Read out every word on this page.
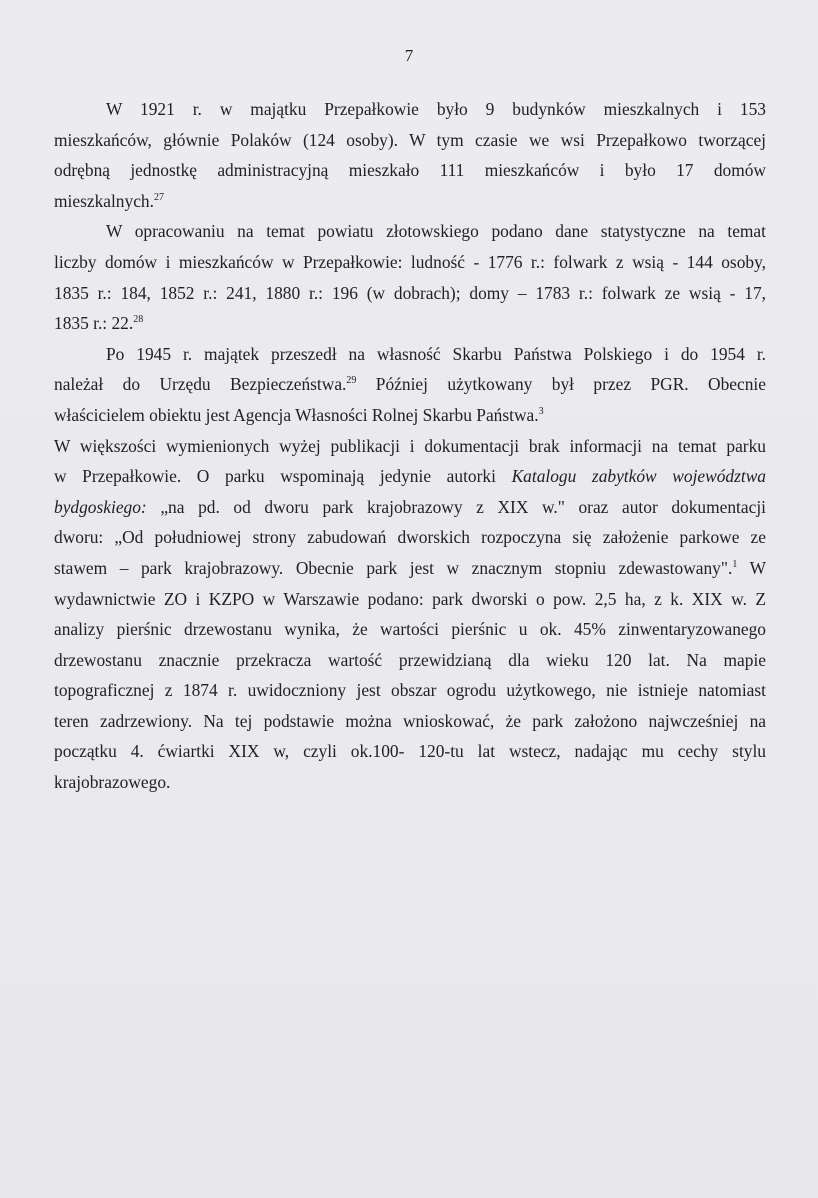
7
W 1921 r. w majątku Przepałkowie było 9 budynków mieszkalnych i 153
mieszkańców, głównie Polaków (124 osoby). W tym czasie we wsi Przepałkowo tworzącej
odrębną jednostkę administracyjną mieszkało 111 mieszkańców i było 17 domów
mieszkalnych.$^{27}$
W opracowaniu na temat powiatu złotowskiego podano dane statystyczne na temat
liczby domów i mieszkańców w Przepałkowie: ludność - 1776 r.: folwark z wsią - 144 osoby,
1835 r.: 184, 1852 r.: 241, 1880 r.: 196 (w dobrach); domy – 1783 r.: folwark ze wsią - 17,
1835 r.: 22.28
Po 1945 r. majątek przeszedł na własność Skarbu Państwa Polskiego i do 1954 r.
należał do Urzędu Bezpieczeństwa.$^{29}$ Później użytkowany był przez PGR. Obecnie
właścicielem obiektu jest Agencja Własności Rolnej Skarbu Państwa.$^3$
W większości wymienionych wyżej publikacji i dokumentacji brak informacji na temat parku
w Przepałkowie. O parku wspominają jedynie autorki Katalogu zabytków województwa
bydgoskiego: „na pd. od dworu park krajobrazowy z XIX w." oraz autor dokumentacji
dworu: „Od południowej strony zabudowań dworskich rozpoczyna się założenie parkowe ze
stawem – park krajobrazowy. Obecnie park jest w znacznym stopniu zdewastowany".$^1$ W
wydawnictwie ZO i KZPO w Warszawie podano: park dworski o pow. 2,5 ha, z k. XIX w. Z
analizy pierśnic drzewostanu wynika, że wartości pierśnic u ok. 45% zinwentaryzowanego
drzewostanu znacznie przekracza wartość przewidzianą dla wieku 120 lat. Na mapie
topograficznej z 1874 r. uwidoczniony jest obszar ogrodu użytkowego, nie istnieje natomiast
teren zadrzewiony. Na tej podstawie można wnioskować, że park założono najwcześniej na
początku 4. ćwiartki XIX w, czyli ok.100- 120-tu lat wstecz, nadając mu cechy stylu
krajobrazowego.
